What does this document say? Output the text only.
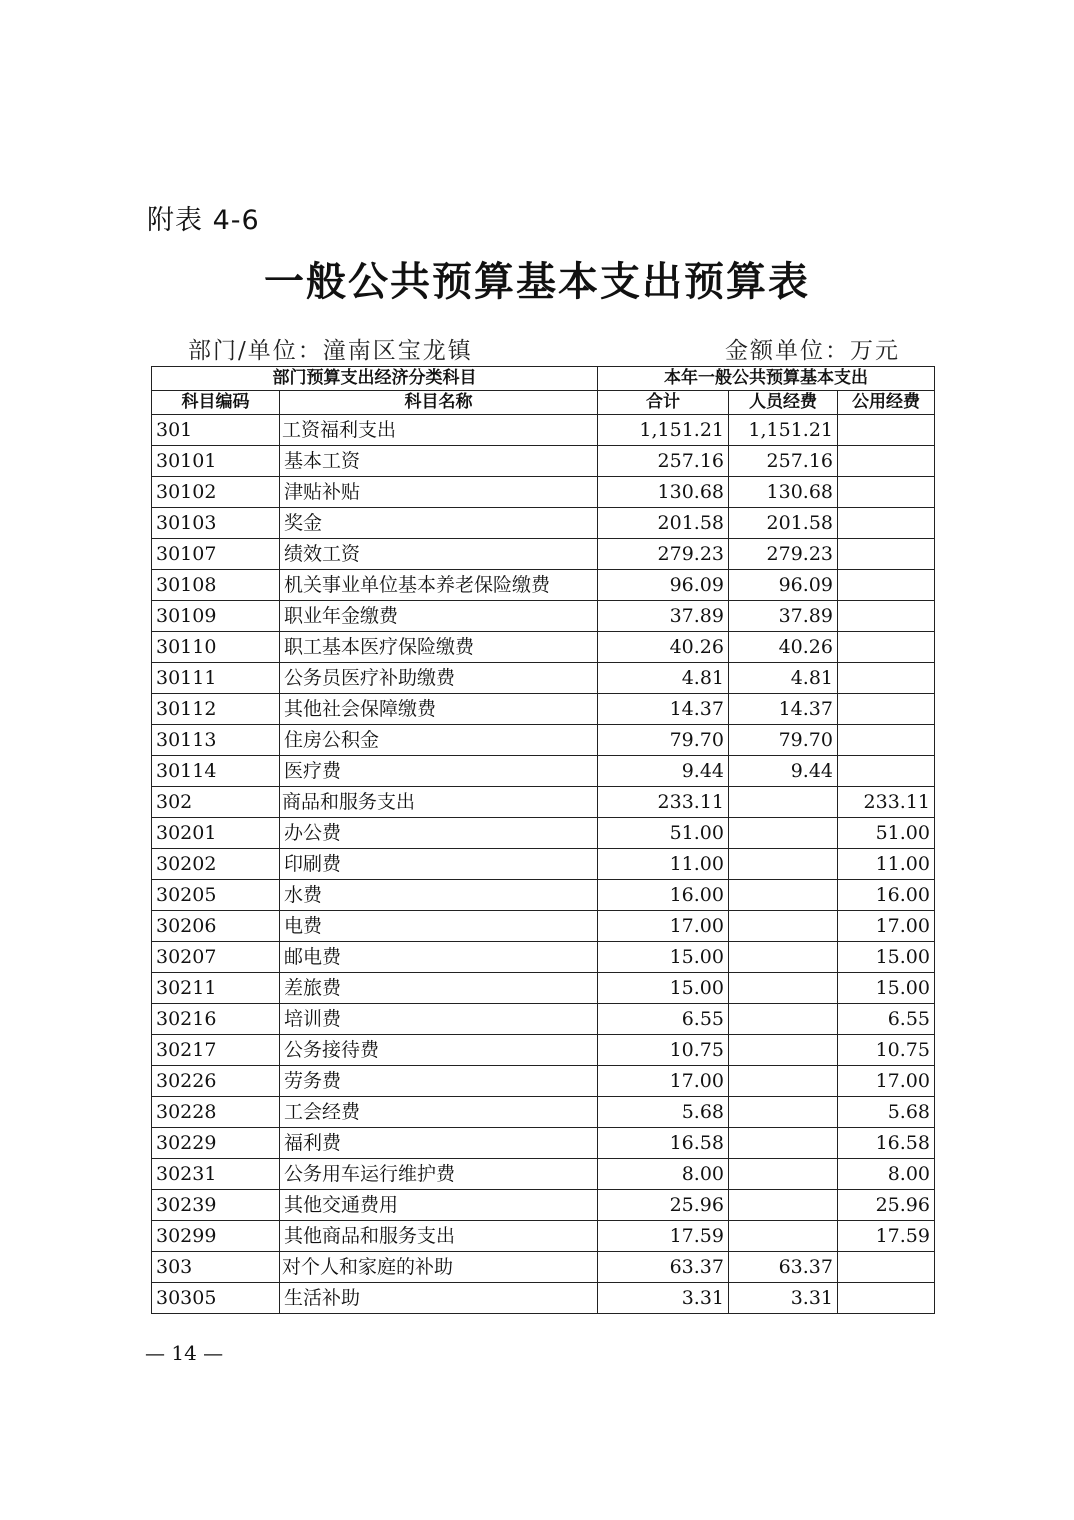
附表 4-6
一般公共预算基本支出预算表
部门/单位：潼南区宝龙镇	金额单位：万元
部门预算支出经济分类科目		本年一般公共预算基本支出		
科目编码	科目名称	合计	人员经费	公用经费
301	工资福利支出	1,151.21	1,151.21	
30101	基本工资	257.16	257.16	
30102	津贴补贴	130.68	130.68	
30103	奖金	201.58	201.58	
30107	绩效工资	279.23	279.23	
30108	机关事业单位基本养老保险缴费	96.09	96.09	
30109	职业年金缴费	37.89	37.89	
30110	职工基本医疗保险缴费	40.26	40.26	
30111	公务员医疗补助缴费	4.81	4.81	
30112	其他社会保障缴费	14.37	14.37	
30113	住房公积金	79.70	79.70	
30114	医疗费	9.44	9.44	
302	商品和服务支出	233.11		233.11
30201	办公费	51.00		51.00
30202	印刷费	11.00		11.00
30205	水费	16.00		16.00
30206	电费	17.00		17.00
30207	邮电费	15.00		15.00
30211	差旅费	15.00		15.00
30216	培训费	6.55		6.55
30217	公务接待费	10.75		10.75
30226	劳务费	17.00		17.00
30228	工会经费	5.68		5.68
30229	福利费	16.58		16.58
30231	公务用车运行维护费	8.00		8.00
30239	其他交通费用	25.96		25.96
30299	其他商品和服务支出	17.59		17.59
303	对个人和家庭的补助	63.37	63.37	
30305	生活补助	3.31	3.31	
— 14 —
